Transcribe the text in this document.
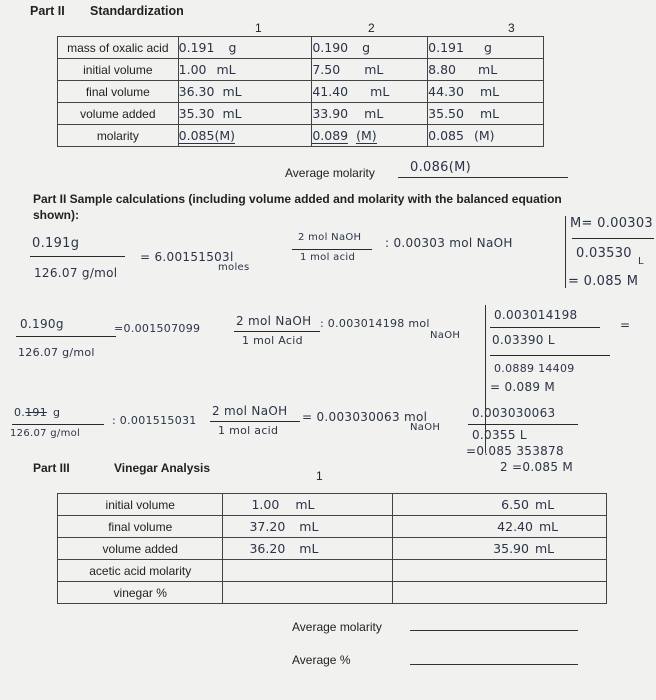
Part II Standardization
1	2	3
mass of oxalic acid	0.191 g	0.190 g	0.191 g
initial volume	1.00 mL	7.50 mL	8.80 mL
final volume	36.30 mL	41.40 mL	44.30 mL
volume added	35.30 mL	33.90 mL	35.50 mL
molarity	0.085(M)	0.089 (M)	0.085 (M)
Average molarity	0.086(M)
Part II Sample calculations (including volume added and molarity with the balanced equation
shown):
0.191g
126.07 g/mol
= 6.00151503l
moles
2 mol NaOH
1 mol acid
: 0.00303 mol NaOH
M= 0.00303
0.03530
L
= 0.085 M
0.190g
126.07 g/mol
=0.001507099
2 mol NaOH
1 mol Acid
: 0.003014198 mol
NaOH
0.003014198
0.03390 L
=
0.0889 14409
= 0.089 M
0.191 g
126.07 g/mol
: 0.001515031
2 mol NaOH
1 mol acid
= 0.003030063 mol
NaOH
0.003030063
0.0355 L
=0.085 353878
2 =0.085 M
Part III	Vinegar Analysis
1
initial volume	1.00 mL	6.50 mL
final volume	37.20 mL	42.40 mL
volume added	36.20 mL	35.90 mL
acetic acid molarity		
vinegar %		
Average molarity
Average %
